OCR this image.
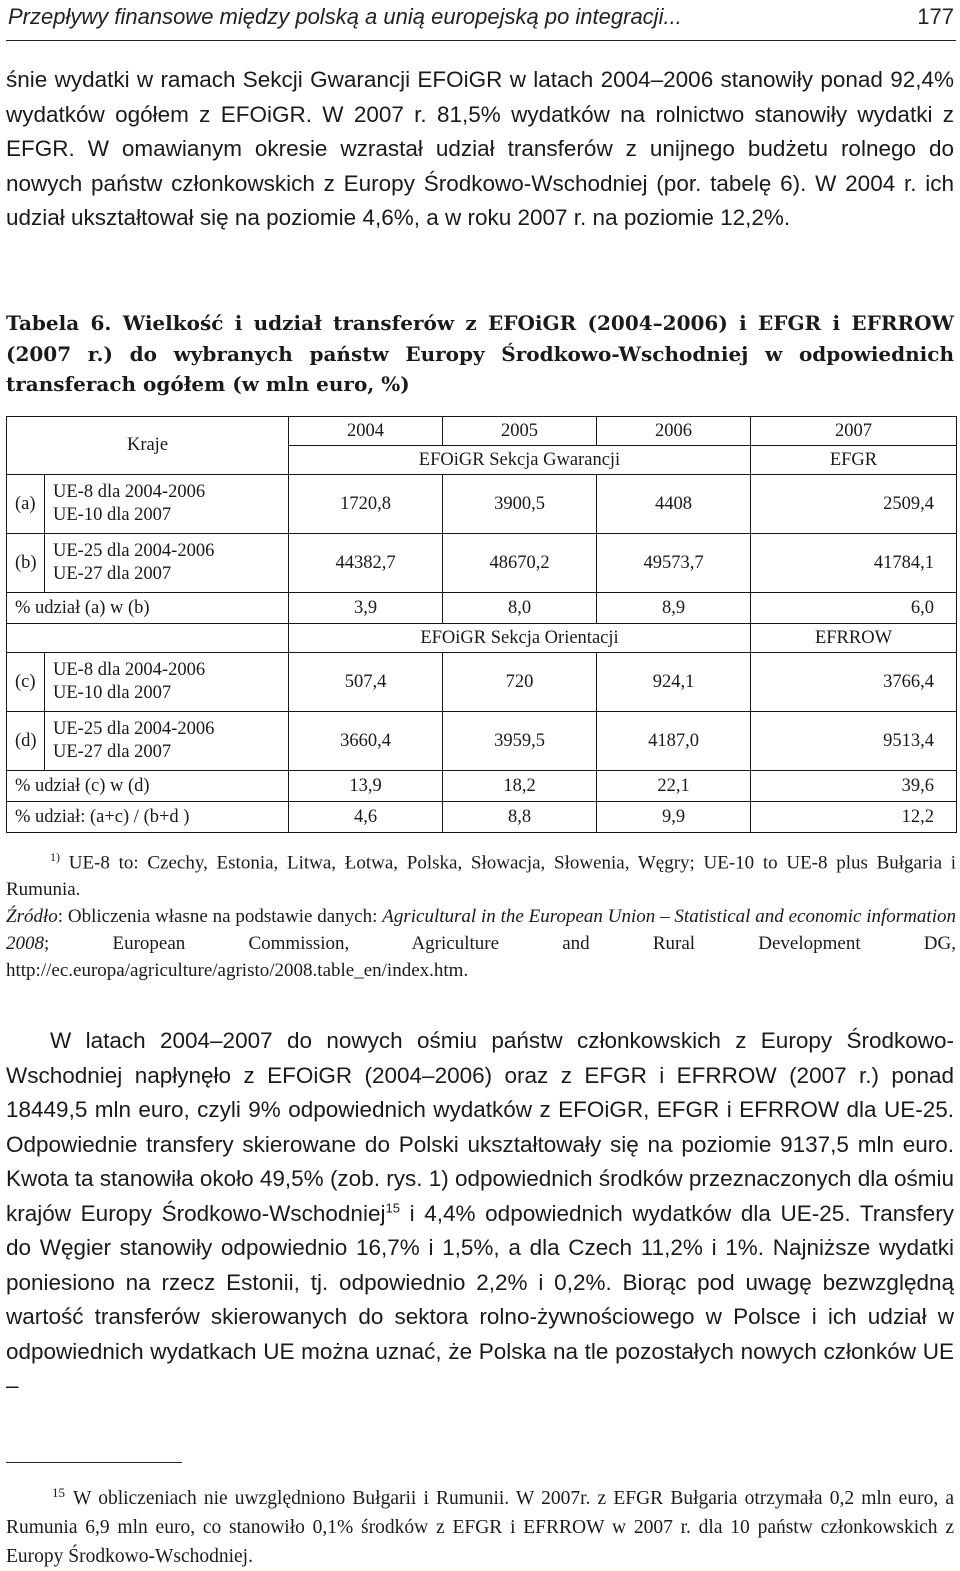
Przepływy finansowe między polską a unią europejską po integracji...	177

śnie wydatki w ramach Sekcji Gwarancji EFOiGR w latach 2004–2006 stanowiły ponad 92,4% wydatków ogółem z EFOiGR. W 2007 r. 81,5% wydatków na rolnictwo stanowiły wydatki z EFGR. W omawianym okresie wzrastał udział transferów z unijnego budżetu rolnego do nowych państw członkowskich z Europy Środkowo-Wschodniej (por. tabelę 6). W 2004 r. ich udział ukształtował się na poziomie 4,6%, a w roku 2007 r. na poziomie 12,2%.

Tabela 6. Wielkość i udział transferów z EFOiGR (2004–2006) i EFGR i EFRROW (2007 r.) do wybranych państw Europy Środkowo-Wschodniej w odpowiednich transferach ogółem (w mln euro, %)

Kraje		2004	2005	2006	2007
		EFOiGR Sekcja Gwarancji			EFGR
(a)	UE-8 dla 2004-2006
UE-10 dla 2007	1720,8	3900,5	4408	2509,4
(b)	UE-25 dla 2004-2006
UE-27 dla 2007	44382,7	48670,2	49573,7	41784,1
% udział (a) w (b)		3,9	8,0	8,9	6,0
		EFOiGR Sekcja Orientacji			EFRROW
(c)	UE-8 dla 2004-2006
UE-10 dla 2007	507,4	720	924,1	3766,4
(d)	UE-25 dla 2004-2006
UE-27 dla 2007	3660,4	3959,5	4187,0	9513,4
% udział (c) w (d)		13,9	18,2	22,1	39,6
% udział: (a+c) / (b+d )		4,6	8,8	9,9	12,2

$^{1)}$ UE-8 to: Czechy, Estonia, Litwa, Łotwa, Polska, Słowacja, Słowenia, Węgry; UE-10 to UE-8 plus Bułgaria i Rumunia.

Źródło: Obliczenia własne na podstawie danych: Agricultural in the European Union – Statistical and economic information 2008; European Commission, Agriculture and Rural Development DG, http://ec.europa/agriculture/agristo/2008.table_en/index.htm.

W latach 2004–2007 do nowych ośmiu państw członkowskich z Europy Środkowo-Wschodniej napłynęło z EFOiGR (2004–2006) oraz z EFGR i EFRROW (2007 r.) ponad 18449,5 mln euro, czyli 9% odpowiednich wydatków z EFOiGR, EFGR i EFRROW dla UE-25. Odpowiednie transfery skierowane do Polski ukształtowały się na poziomie 9137,5 mln euro. Kwota ta stanowiła około 49,5% (zob. rys. 1) odpowiednich środków przeznaczonych dla ośmiu krajów Europy Środkowo-Wschodniej$^{15}$ i 4,4% odpowiednich wydatków dla UE-25. Transfery do Węgier stanowiły odpowiednio 16,7% i 1,5%, a dla Czech 11,2% i 1%. Najniższe wydatki poniesiono na rzecz Estonii, tj. odpowiednio 2,2% i 0,2%. Biorąc pod uwagę bezwzględną wartość transferów skierowanych do sektora rolno-żywnościowego w Polsce i ich udział w odpowiednich wydatkach UE można uznać, że Polska na tle pozostałych nowych członków UE –

$^{15}$ W obliczeniach nie uwzględniono Bułgarii i Rumunii. W 2007r. z EFGR Bułgaria otrzymała 0,2 mln euro, a Rumunia 6,9 mln euro, co stanowiło 0,1% środków z EFGR i EFRROW w 2007 r. dla 10 państw członkowskich z Europy Środkowo-Wschodniej.
